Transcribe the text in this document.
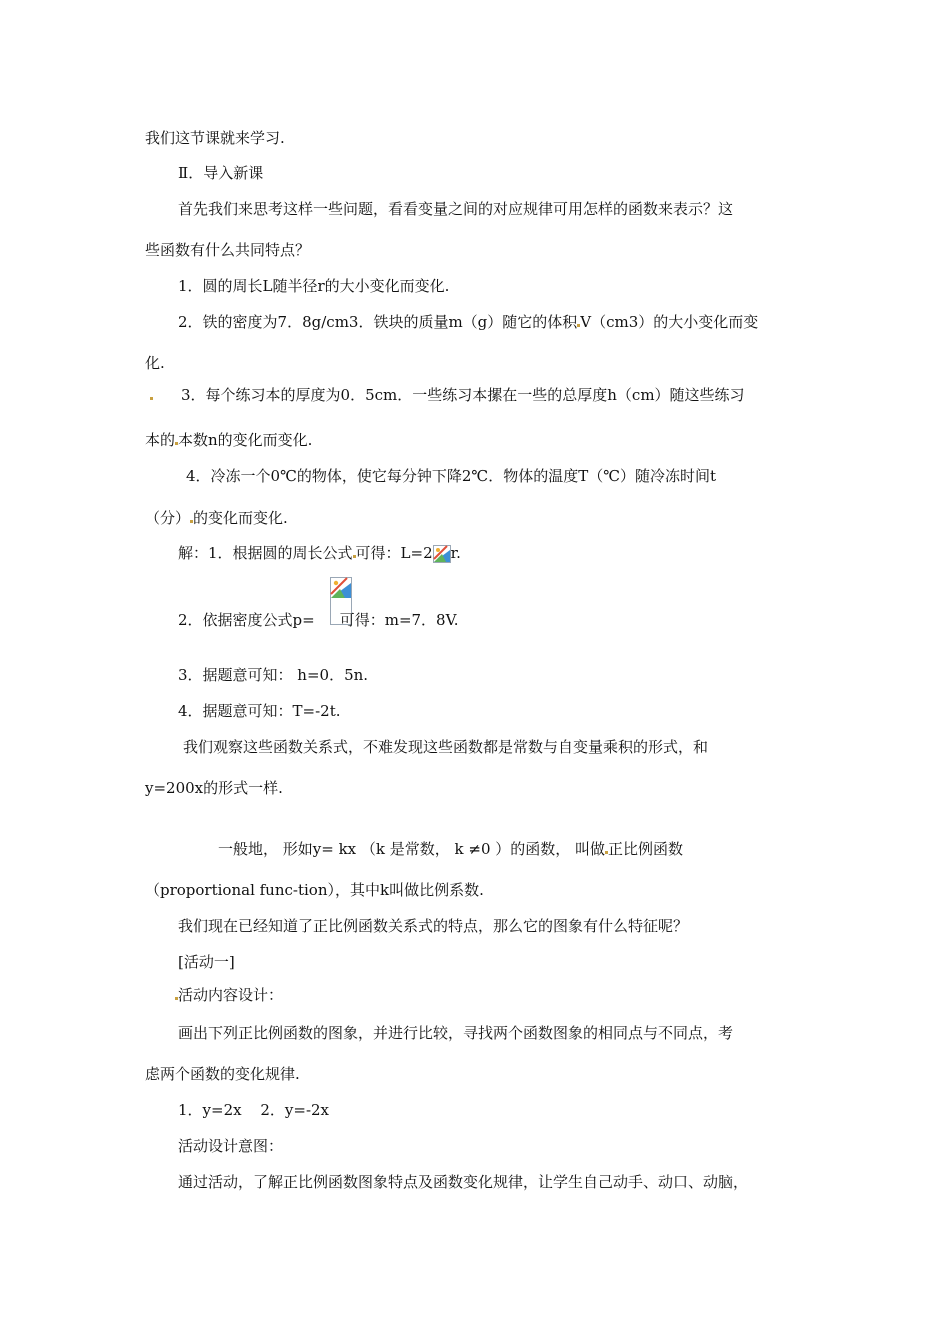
我们这节课就来学习.
Ⅱ．导入新课
首先我们来思考这样一些问题，看看变量之间的对应规律可用怎样的函数来表示？这
些函数有什么共同特点？
1．圆的周长L随半径r的大小变化而变化.
2．铁的密度为7．8g/cm3．铁块的质量m（g）随它的体积 V（cm3）的大小变化而变
化.
3．每个练习本的厚度为0．5cm．一些练习本摞在一些的总厚度h（cm）随这些练习
本的 本数n的变化而变化.
4．冷冻一个0℃的物体，使它每分钟下降2℃．物体的温度T（℃）随冷冻时间t
（分） 的变化而变化.
解：1．根据圆的周长公式 可得：L=2 r.
2．依据密度公式p= 可得：m=7．8V.
3．据题意可知： h=0．5n.
4．据题意可知：T=-2t.
我们观察这些函数关系式，不难发现这些函数都是常数与自变量乘积的形式，和
y=200x的形式一样.
一般地， 形如y= kx （k 是常数， k ≠0 ）的函数， 叫做 正比例函数
（proportional func-tion），其中k叫做比例系数.
我们现在已经知道了正比例函数关系式的特点，那么它的图象有什么特征呢？
[活动一]
活动内容设计：
画出下列正比例函数的图象，并进行比较，寻找两个函数图象的相同点与不同点，考
虑两个函数的变化规律.
1．y=2x 2．y=-2x
活动设计意图：
通过活动，了解正比例函数图象特点及函数变化规律，让学生自己动手、动口、动脑，
